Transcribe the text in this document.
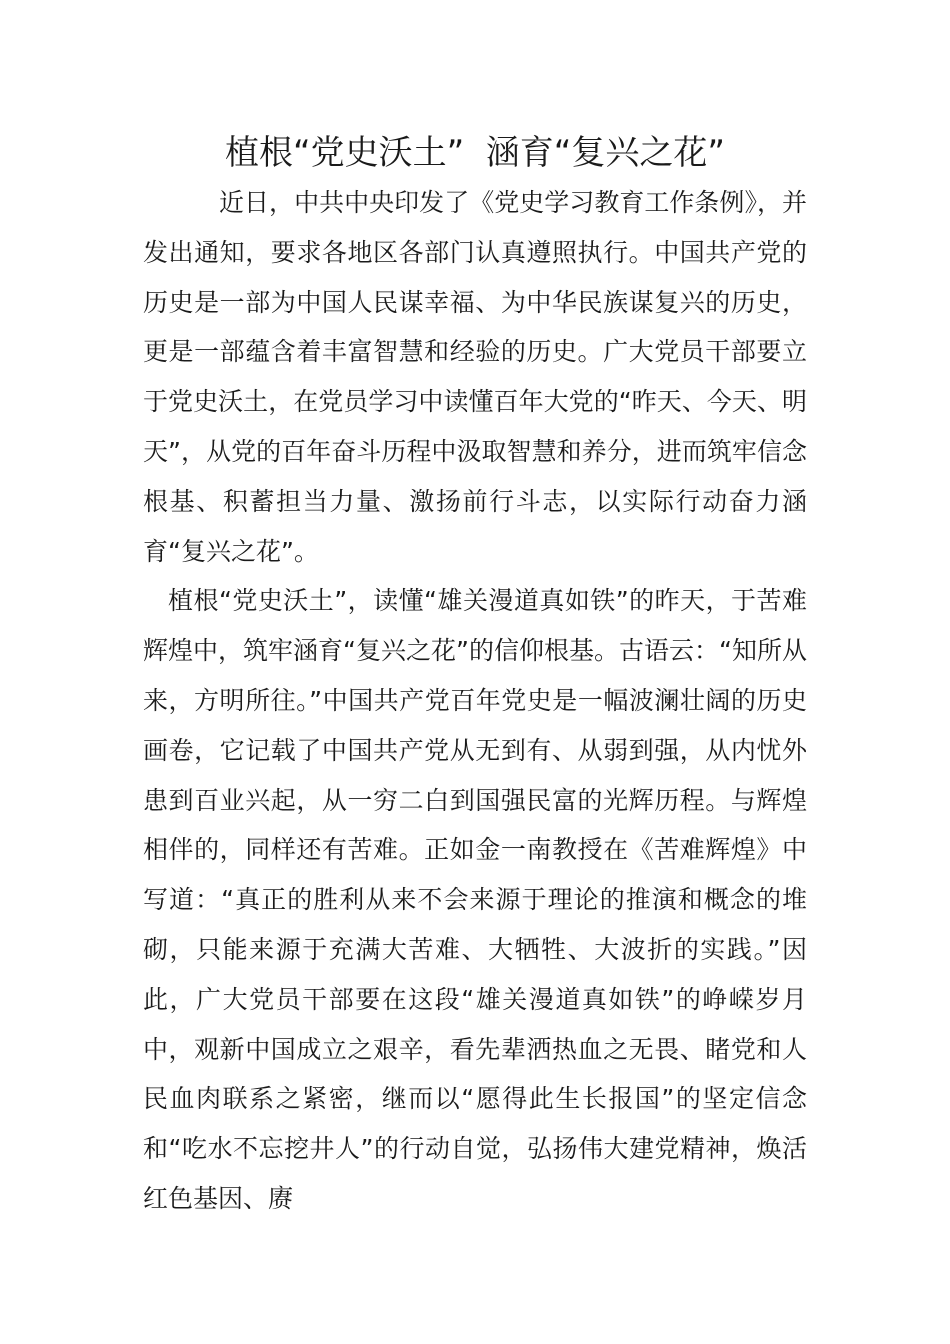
植根“党史沃土”  涵育“复兴之花”

近日，中共中央印发了《党史学习教育工作条例》，并发出通知，要求各地区各部门认真遵照执行。中国共产党的历史是一部为中国人民谋幸福、为中华民族谋复兴的历史，更是一部蕴含着丰富智慧和经验的历史。广大党员干部要立于党史沃土，在党员学习中读懂百年大党的“昨天、今天、明天”，从党的百年奋斗历程中汲取智慧和养分，进而筑牢信念根基、积蓄担当力量、激扬前行斗志，以实际行动奋力涵育“复兴之花”。

植根“党史沃土”，读懂“雄关漫道真如铁”的昨天，于苦难辉煌中，筑牢涵育“复兴之花”的信仰根基。古语云：“知所从来，方明所往。”中国共产党百年党史是一幅波澜壮阔的历史画卷，它记载了中国共产党从无到有、从弱到强，从内忧外患到百业兴起，从一穷二白到国强民富的光辉历程。与辉煌相伴的，同样还有苦难。正如金一南教授在《苦难辉煌》中写道：“真正的胜利从来不会来源于理论的推演和概念的堆砌，只能来源于充满大苦难、大牺牲、大波折的实践。”因此，广大党员干部要在这段“雄关漫道真如铁”的峥嵘岁月中，观新中国成立之艰辛，看先辈洒热血之无畏、睹党和人民血肉联系之紧密，继而以“愿得此生长报国”的坚定信念和“吃水不忘挖井人”的行动自觉，弘扬伟大建党精神，焕活红色基因、赓
